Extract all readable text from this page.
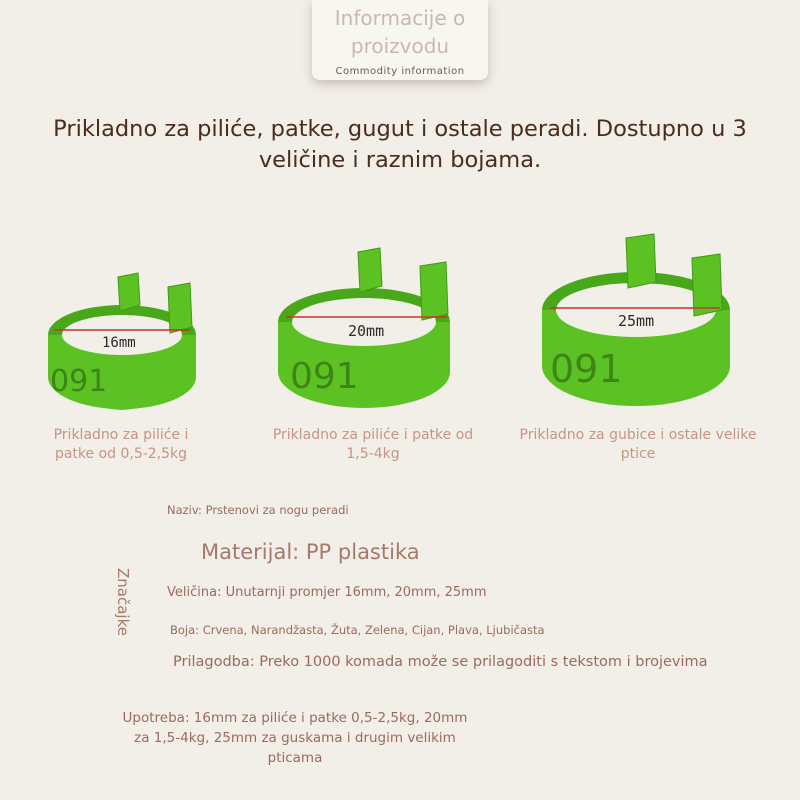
Informacije o proizvodu
Commodity information
Prikladno za piliće, patke, gugut i ostale peradi. Dostupno u 3 veličine i raznim bojama.
16mm
091
Prikladno za piliće i patke od 0,5-2,5kg
20mm
091
Prikladno za piliće i patke od 1,5-4kg
25mm
091
Prikladno za gubice i ostale velike ptice
Naziv: Prstenovi za nogu peradi
Materijal: PP plastika
Značajke	Veličina: Unutarnji promjer 16mm, 20mm, 25mm
Boja: Crvena, Narandžasta, Žuta, Zelena, Cijan, Plava, Ljubičasta
Prilagodba: Preko 1000 komada može se prilagoditi s tekstom i brojevima
Upotreba: 16mm za piliće i patke 0,5-2,5kg, 20mm za 1,5-4kg, 25mm za guskama i drugim velikim pticama
